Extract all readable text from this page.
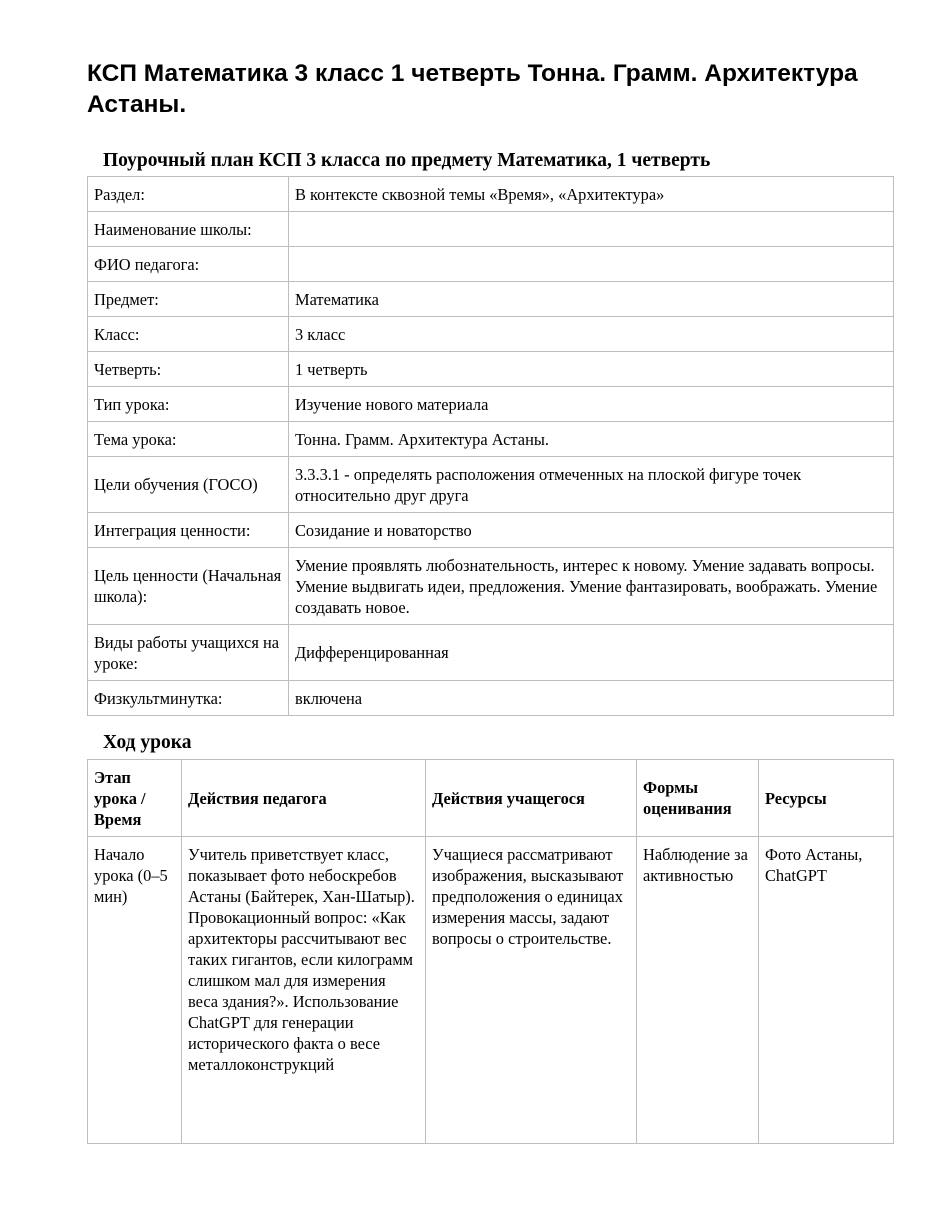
КСП Математика 3 класс 1 четверть Тонна. Грамм. Архитектура Астаны.
Поурочный план КСП 3 класса по предмету Математика, 1 четверть
Раздел:	В контексте сквозной темы «Время», «Архитектура»
Наименование школы:	
ФИО педагога:	
Предмет:	Математика
Класс:	3 класс
Четверть:	1 четверть
Тип урока:	Изучение нового материала
Тема урока:	Тонна. Грамм. Архитектура Астаны.
Цели обучения (ГОСО)	3.3.3.1 - определять расположения отмеченных на плоской фигуре точек относительно друг друга
Интеграция ценности:	Созидание и новаторство
Цель ценности (Начальная школа):	Умение проявлять любознательность, интерес к новому. Умение задавать вопросы. Умение выдвигать идеи, предложения. Умение фантазировать, воображать. Умение создавать новое.
Виды работы учащихся на уроке:	Дифференцированная
Физкультминутка:	включена
Ход урока
Этап урока / Время	Действия педагога	Действия учащегося	Формы оценивания	Ресурсы
Начало урока (0–5 мин)	Учитель приветствует класс, показывает фото небоскребов Астаны (Байтерек, Хан-Шатыр). Провокационный вопрос: «Как архитекторы рассчитывают вес таких гигантов, если килограмм слишком мал для измерения веса здания?». Использование ChatGPT для генерации исторического факта о весе металлоконструкций	Учащиеся рассматривают изображения, высказывают предположения о единицах измерения массы, задают вопросы о строительстве.	Наблюдение за активностью	Фото Астаны, ChatGPT
